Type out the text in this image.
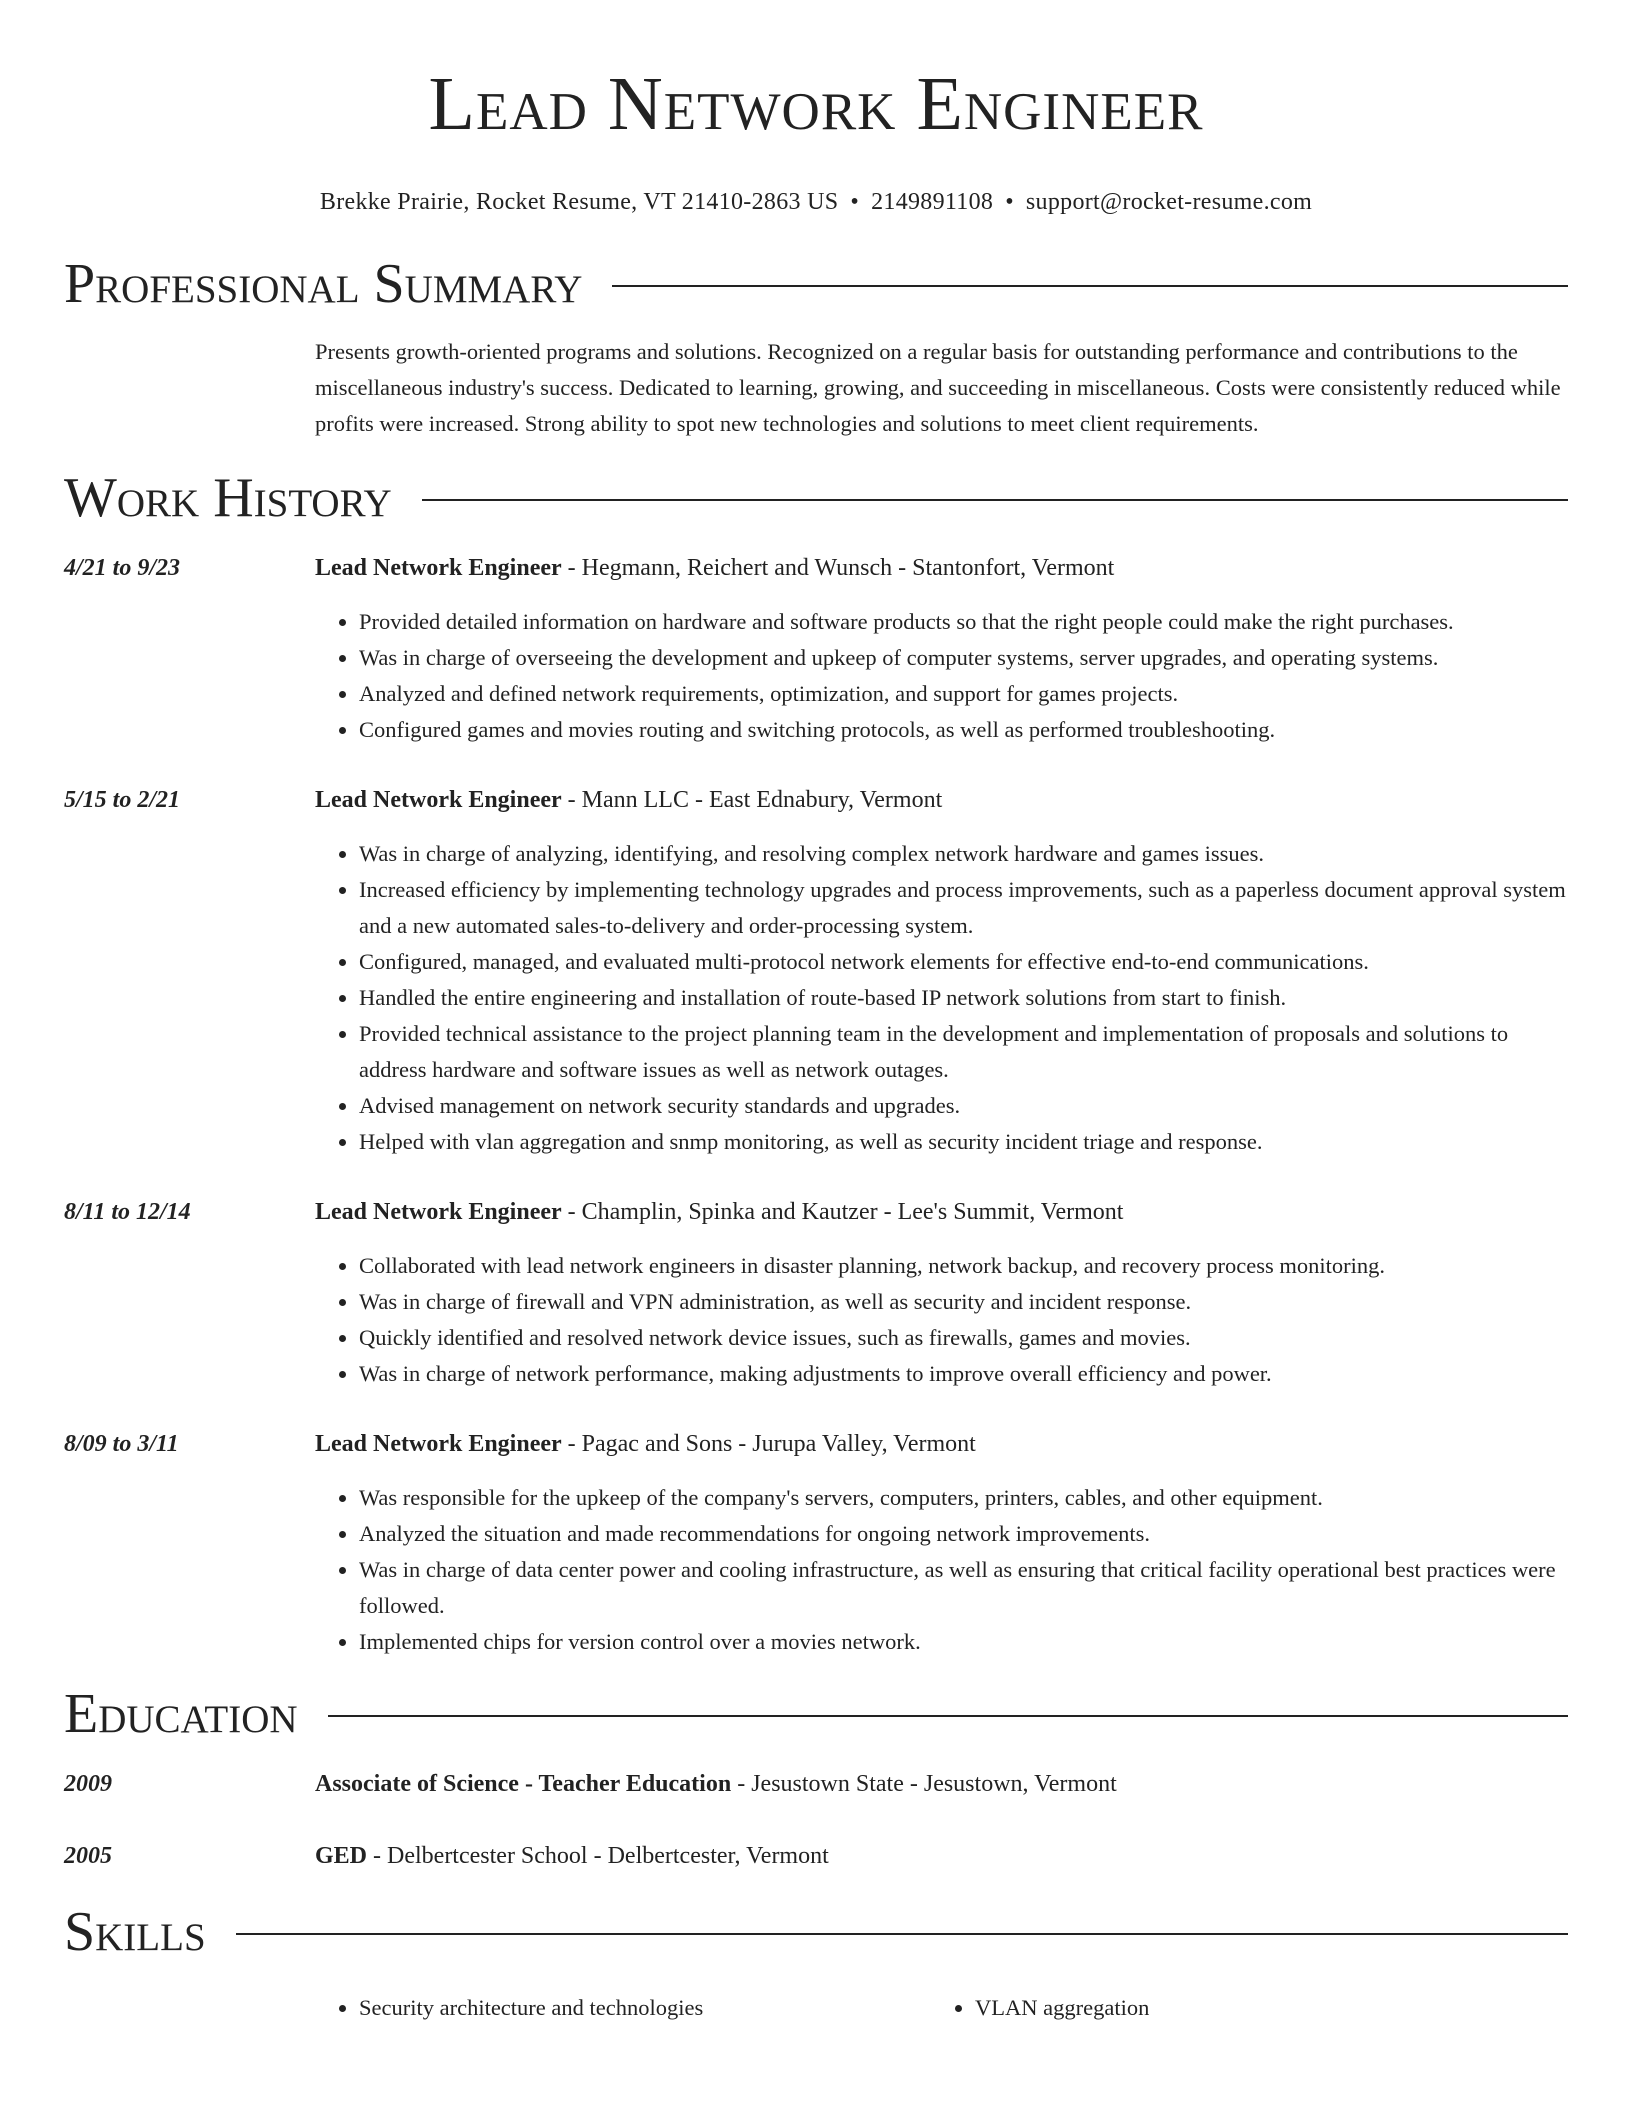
Lead Network Engineer
Brekke Prairie, Rocket Resume, VT 21410-2863 US • 2149891108 • support@rocket-resume.com
Professional Summary
Presents growth-oriented programs and solutions. Recognized on a regular basis for outstanding performance and contributions to the miscellaneous industry's success. Dedicated to learning, growing, and succeeding in miscellaneous. Costs were consistently reduced while profits were increased. Strong ability to spot new technologies and solutions to meet client requirements.
Work History
4/21 to 9/23	Lead Network Engineer - Hegmann, Reichert and Wunsch - Stantonfort, Vermont
• Provided detailed information on hardware and software products so that the right people could make the right purchases.
• Was in charge of overseeing the development and upkeep of computer systems, server upgrades, and operating systems.
• Analyzed and defined network requirements, optimization, and support for games projects.
• Configured games and movies routing and switching protocols, as well as performed troubleshooting.
5/15 to 2/21	Lead Network Engineer - Mann LLC - East Ednabury, Vermont
• Was in charge of analyzing, identifying, and resolving complex network hardware and games issues.
• Increased efficiency by implementing technology upgrades and process improvements, such as a paperless document approval system and a new automated sales-to-delivery and order-processing system.
• Configured, managed, and evaluated multi-protocol network elements for effective end-to-end communications.
• Handled the entire engineering and installation of route-based IP network solutions from start to finish.
• Provided technical assistance to the project planning team in the development and implementation of proposals and solutions to address hardware and software issues as well as network outages.
• Advised management on network security standards and upgrades.
• Helped with vlan aggregation and snmp monitoring, as well as security incident triage and response.
8/11 to 12/14	Lead Network Engineer - Champlin, Spinka and Kautzer - Lee's Summit, Vermont
• Collaborated with lead network engineers in disaster planning, network backup, and recovery process monitoring.
• Was in charge of firewall and VPN administration, as well as security and incident response.
• Quickly identified and resolved network device issues, such as firewalls, games and movies.
• Was in charge of network performance, making adjustments to improve overall efficiency and power.
8/09 to 3/11	Lead Network Engineer - Pagac and Sons - Jurupa Valley, Vermont
• Was responsible for the upkeep of the company's servers, computers, printers, cables, and other equipment.
• Analyzed the situation and made recommendations for ongoing network improvements.
• Was in charge of data center power and cooling infrastructure, as well as ensuring that critical facility operational best practices were followed.
• Implemented chips for version control over a movies network.
Education
2009	Associate of Science - Teacher Education - Jesustown State - Jesustown, Vermont
2005	GED - Delbertcester School - Delbertcester, Vermont
Skills
• Security architecture and technologies
•	VLAN aggregation
